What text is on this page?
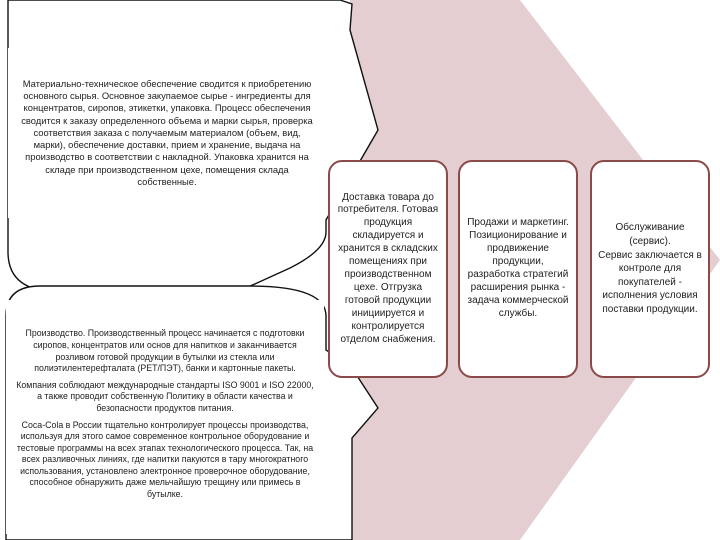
Материально-техническое обеспечение сводится к приобретению основного сырья. Основное закупаемое сырье - ингредиенты для концентратов, сиропов, этикетки, упаковка. Процесс обеспечения сводится к заказу определенного объема и марки сырья, проверка соответствия заказа с получаемым материалом (объем, вид, марки), обеспечение доставки, прием и хранение, выдача на производство в соответствии с накладной. Упаковка хранится на складе при производственном цехе, помещения склада собственные.

Производство. Производственный процесс начинается с подготовки сиропов, концентратов или основ для напитков и заканчивается розливом готовой продукции в бутылки из стекла или полиэтилентерефталата (PET/ПЭТ), банки и картонные пакеты.

Компания соблюдают международные стандарты ISO 9001 и ISO 22000, а также проводит собственную Политику в области качества и безопасности продуктов питания.

Coca-Cola в России тщательно контролирует процессы производства, используя для этого самое современное контрольное оборудование и тестовые программы на всех этапах технологического процесса. Так, на всех разливочных линиях, где напитки пакуются в тару многократного использования, установлено электронное проверочное оборудование, способное обнаружить даже мельчайшую трещину или примесь в бутылке.

Доставка товара до потребителя. Готовая продукция складируется и хранится в складских помещениях при производственном цехе. Отгрузка готовой продукции инициируется и контролируется отделом снабжения.
Продажи и маркетинг. Позиционирование и продвижение продукции, разработка стратегий расширения рынка - задача коммерческой службы.
Обслуживание (сервис).
Сервис заключается в контроле для покупателей - исполнения условия поставки продукции.
